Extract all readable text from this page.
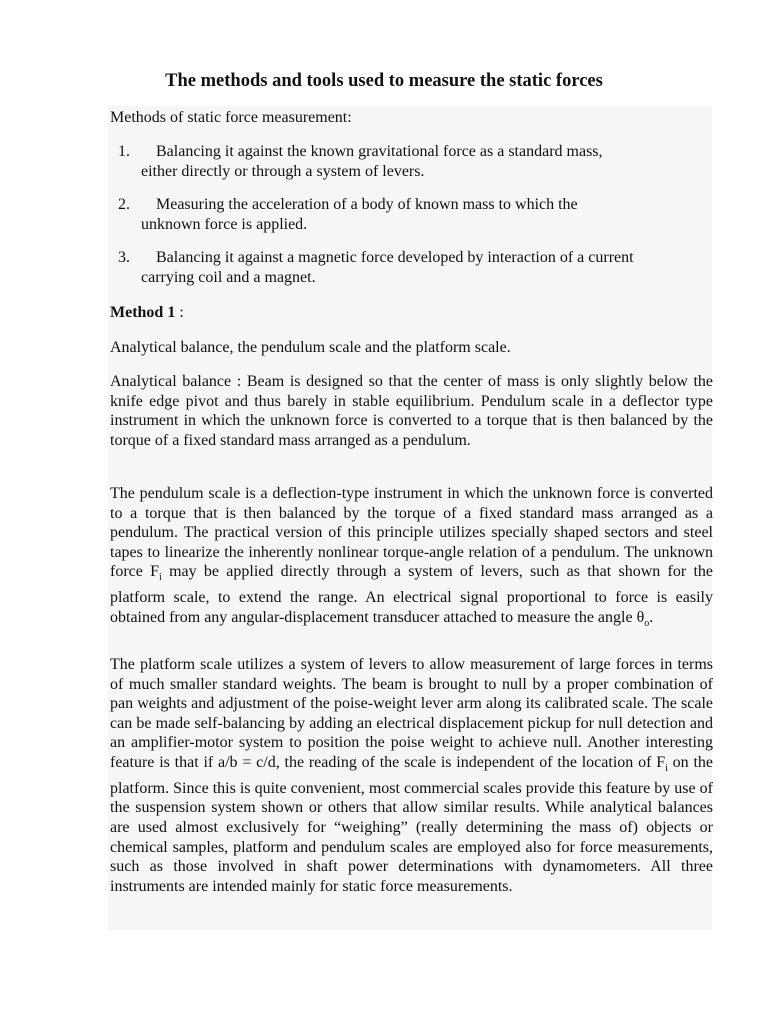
The methods and tools used to measure the static forces
Methods of static force measurement:
1. Balancing it against the known gravitational force as a standard mass,
either directly or through a system of levers.
2. Measuring the acceleration of a body of known mass to which the
unknown force is applied.
3. Balancing it against a magnetic force developed by interaction of a current
carrying coil and a magnet.
Method 1 :
Analytical balance, the pendulum scale and the platform scale.

Analytical balance : Beam is designed so that the center of mass is only slightly below the knife edge pivot and thus barely in stable equilibrium. Pendulum scale in a deflector type instrument in which the unknown force is converted to a torque that is then balanced by the torque of a fixed standard mass arranged as a pendulum.

The pendulum scale is a deflection-type instrument in which the unknown force is converted to a torque that is then balanced by the torque of a fixed standard mass arranged as a pendulum. The practical version of this principle utilizes specially shaped sectors and steel tapes to linearize the inherently nonlinear torque-angle relation of a pendulum. The unknown force $F_i$ may be applied directly through a system of levers, such as that shown for the platform scale, to extend the range. An electrical signal proportional to force is easily obtained from any angular-displacement transducer attached to measure the angle $\theta_o$.

The platform scale utilizes a system of levers to allow measurement of large forces in terms of much smaller standard weights. The beam is brought to null by a proper combination of pan weights and adjustment of the poise-weight lever arm along its calibrated scale. The scale can be made self-balancing by adding an electrical displacement pickup for null detection and an amplifier-motor system to position the poise weight to achieve null. Another interesting feature is that if a/b = c/d, the reading of the scale is independent of the location of $F_i$ on the platform. Since this is quite convenient, most commercial scales provide this feature by use of the suspension system shown or others that allow similar results. While analytical balances are used almost exclusively for “weighing” (really determining the mass of) objects or chemical samples, platform and pendulum scales are employed also for force measurements, such as those involved in shaft power determinations with dynamometers. All three instruments are intended mainly for static force measurements.
